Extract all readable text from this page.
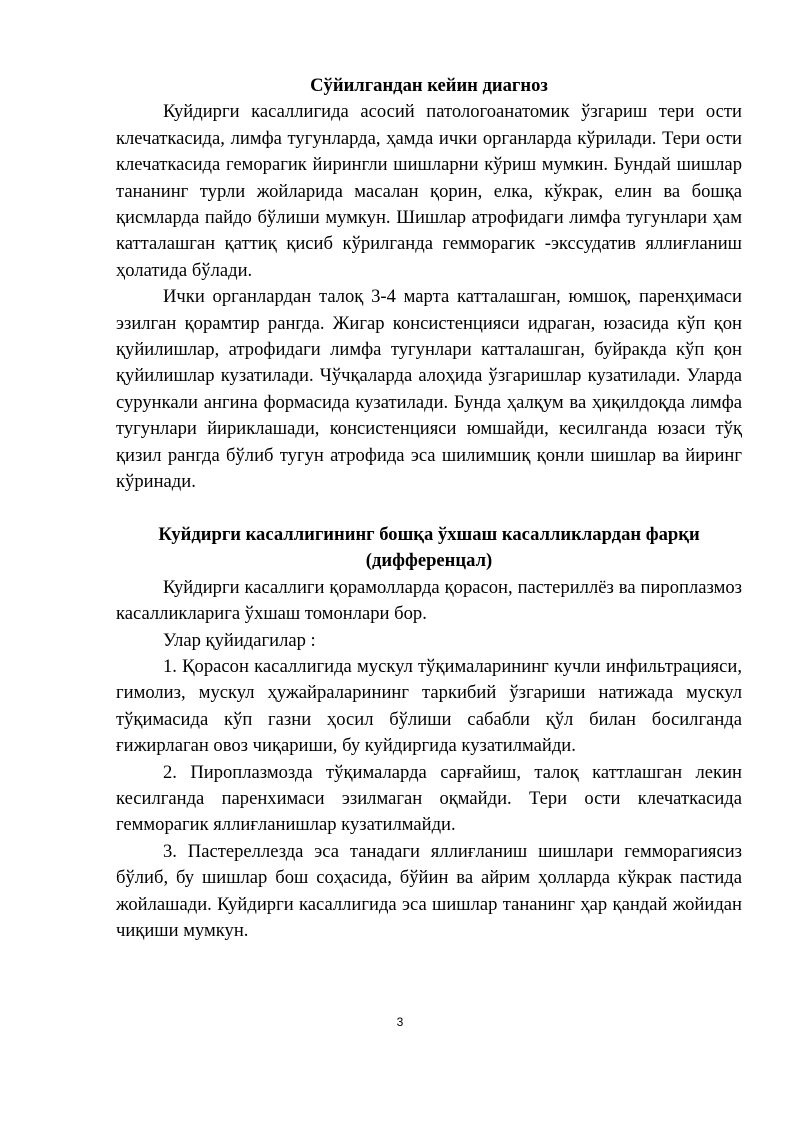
Сўйилгандан кейин диагноз

Куйдирги касаллигида асосий патологоанатомик ўзгариш тери ости клечаткасида, лимфа тугунларда, ҳамда ички органларда кўрилади. Тери ости клечаткасида геморагик йирингли шишларни кўриш мумкин. Бундай шишлар тананинг турли жойларида масалан қорин, елка, кўкрак, елин ва бошқа қисмларда пайдо бўлиши мумкун. Шишлар атрофидаги лимфа тугунлари ҳам катталашган қаттиқ қисиб кўрилганда гемморагик -экссудатив яллиғланиш ҳолатида бўлади.

Ички органлардан талоқ 3-4 марта катталашган, юмшоқ, паренҳимаси эзилган қорамтир рангда. Жигар консистенцияси идраган, юзасида кўп қон қуйилишлар, атрофидаги лимфа тугунлари катталашган, буйракда кўп қон қуйилишлар кузатилади. Чўчқаларда алоҳида ўзгаришлар кузатилади. Уларда сурункали ангина формасида кузатилади. Бунда ҳалқум ва ҳиқилдоқда лимфа тугунлари йириклашади, консистенцияси юмшайди, кесилганда юзаси тўқ қизил рангда бўлиб тугун атрофида эса шилимшиқ қонли шишлар ва йиринг кўринади.

Куйдирги касаллигининг бошқа ўхшаш касалликлардан фарқи (дифференцал)

Куйдирги касаллиги қорамолларда қорасон, пастериллёз ва пироплазмоз касалликларига ўхшаш томонлари бор.

Улар қуйидагилар :

1. Қорасон касаллигида мускул тўқималарининг кучли инфильтрацияси, гимолиз, мускул ҳужайраларининг таркибий ўзгариши натижада мускул тўқимасида кўп газни ҳосил бўлиши сабабли қўл билан босилганда ғижирлаган овоз чиқариши, бу куйдиргида кузатилмайди.

2. Пироплазмозда тўқималарда сарғайиш, талоқ каттлашган лекин кесилганда паренхимаси эзилмаган оқмайди. Тери ости клечаткасида гемморагик яллиғланишлар кузатилмайди.

3. Пастереллезда эса танадаги яллиғланиш шишлари гемморагиясиз бўлиб, бу шишлар бош соҳасида, бўйин ва айрим ҳолларда кўкрак пастида жойлашади. Куйдирги касаллигида эса шишлар тананинг ҳар қандай жойидан чиқиши мумкун.

3
